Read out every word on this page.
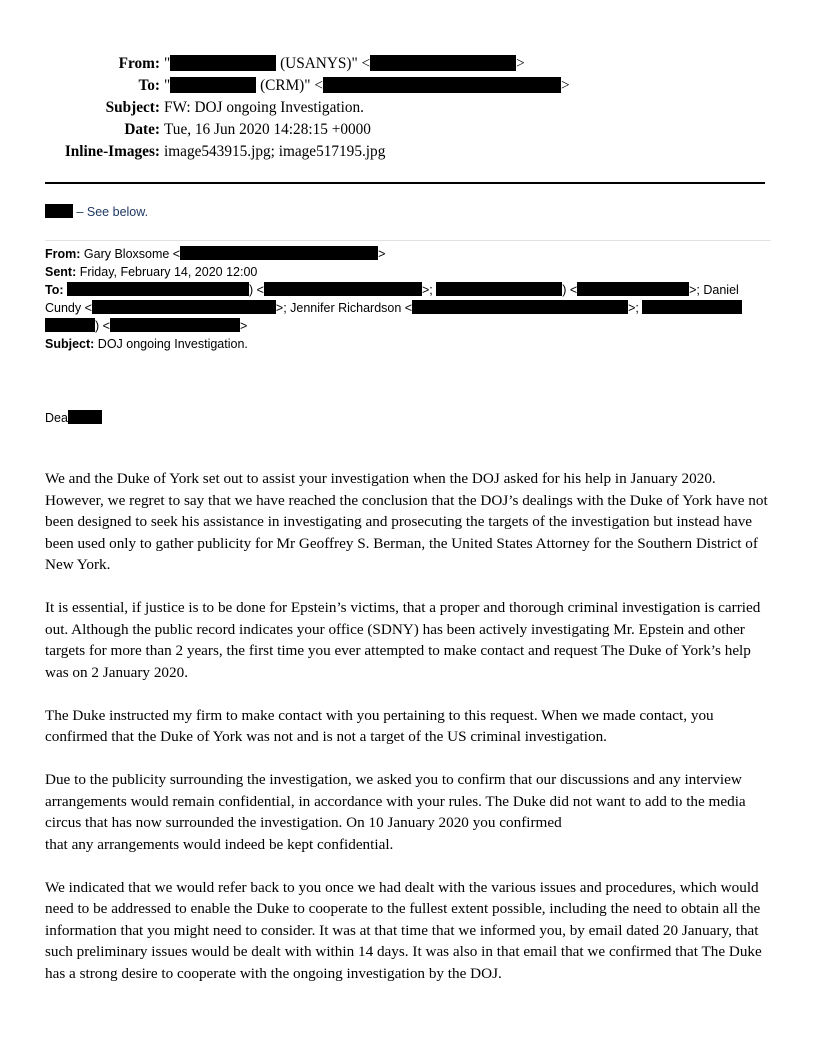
From: "	(USANYS)" <	>
To: "	(CRM)" <	>
Subject: FW: DOJ ongoing Investigation.
Date: Tue, 16 Jun 2020 14:28:15 +0000
Inline-Images: image543915.jpg; image517195.jpg
– See below.
From: Gary Bloxsome <	>
Sent: Friday, February 14, 2020 12:00
To:	) <	>;	) <	>; Daniel
Cundy <	>; Jennifer Richardson <	>;
) <	>
Subject: DOJ ongoing Investigation.
Dea

We and the Duke of York set out to assist your investigation when the DOJ asked for his help in January 2020. However, we regret to say that we have reached the conclusion that the DOJ’s dealings with the Duke of York have not been designed to seek his assistance in investigating and prosecuting the targets of the investigation but instead have been used only to gather publicity for Mr Geoffrey S. Berman, the United States Attorney for the Southern District of New York.

It is essential, if justice is to be done for Epstein’s victims, that a proper and thorough criminal investigation is carried out. Although the public record indicates your office (SDNY) has been actively investigating Mr. Epstein and other targets for more than 2 years, the first time you ever attempted to make contact and request The Duke of York’s help was on 2 January 2020.

The Duke instructed my firm to make contact with you pertaining to this request. When we made contact, you confirmed that the Duke of York was not and is not a target of the US criminal investigation.

Due to the publicity surrounding the investigation, we asked you to confirm that our discussions and any interview arrangements would remain confidential, in accordance with your rules. The Duke did not want to add to the media circus that has now surrounded the investigation. On 10 January 2020 you confirmed
that any arrangements would indeed be kept confidential.

We indicated that we would refer back to you once we had dealt with the various issues and procedures, which would need to be addressed to enable the Duke to cooperate to the fullest extent possible, including the need to obtain all the information that you might need to consider. It was at that time that we informed you, by email dated 20 January, that such preliminary issues would be dealt with within 14 days. It was also in that email that we confirmed that The Duke has a strong desire to cooperate with the ongoing investigation by the DOJ.
